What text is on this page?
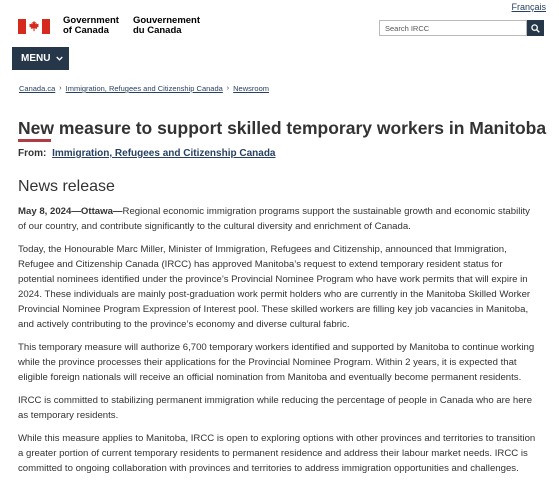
Français
Government
of Canada
Gouvernement
du Canada	Search IRCC
MENU
Canada.ca › Immigration, Refugees and Citizenship Canada › Newsroom
New measure to support skilled temporary workers in Manitoba
From: Immigration, Refugees and Citizenship Canada
News release

May 8, 2024—Ottawa—Regional economic immigration programs support the sustainable growth and economic stability of our country, and contribute significantly to the cultural diversity and enrichment of Canada.

Today, the Honourable Marc Miller, Minister of Immigration, Refugees and Citizenship, announced that Immigration, Refugee and Citizenship Canada (IRCC) has approved Manitoba’s request to extend temporary resident status for potential nominees identified under the province’s Provincial Nominee Program who have work permits that will expire in 2024. These individuals are mainly post-graduation work permit holders who are currently in the Manitoba Skilled Worker Provincial Nominee Program Expression of Interest pool. These skilled workers are filling key job vacancies in Manitoba, and actively contributing to the province’s economy and diverse cultural fabric.

This temporary measure will authorize 6,700 temporary workers identified and supported by Manitoba to continue working while the province processes their applications for the Provincial Nominee Program. Within 2 years, it is expected that eligible foreign nationals will receive an official nomination from Manitoba and eventually become permanent residents.

IRCC is committed to stabilizing permanent immigration while reducing the percentage of people in Canada who are here as temporary residents.

While this measure applies to Manitoba, IRCC is open to exploring options with other provinces and territories to transition a greater portion of current temporary residents to permanent residence and address their labour market needs. IRCC is committed to ongoing collaboration with provinces and territories to address immigration opportunities and challenges.
